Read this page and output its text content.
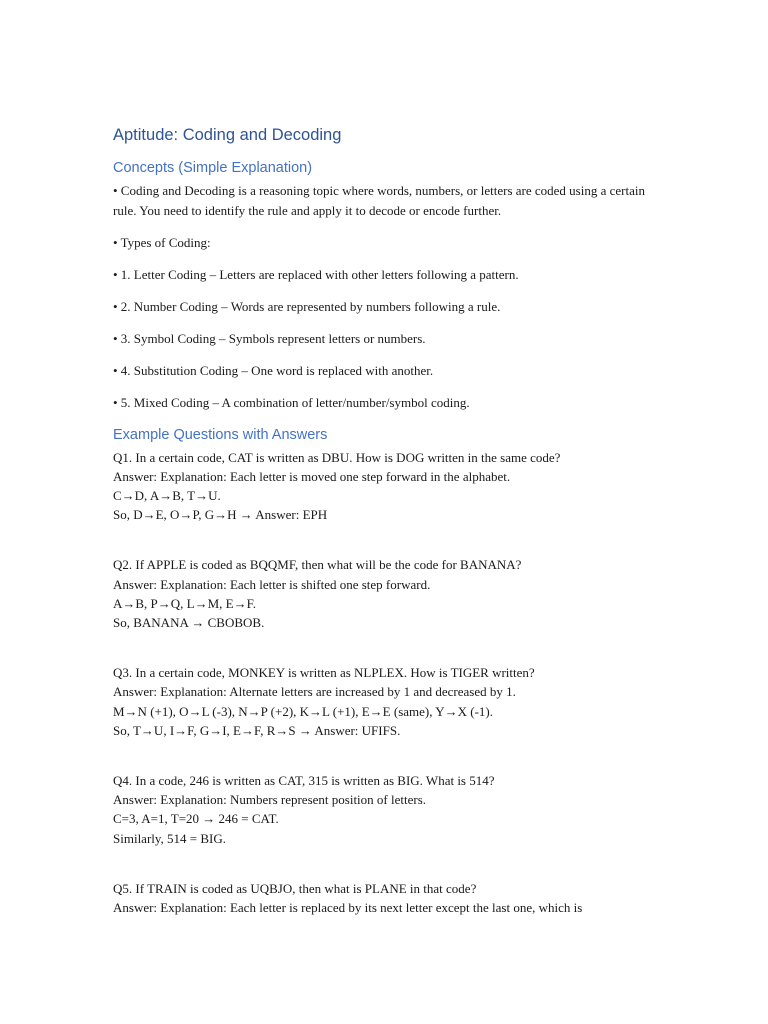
Aptitude: Coding and Decoding
Concepts (Simple Explanation)
• Coding and Decoding is a reasoning topic where words, numbers, or letters are coded using a certain rule. You need to identify the rule and apply it to decode or encode further.
• Types of Coding:
• 1. Letter Coding – Letters are replaced with other letters following a pattern.
• 2. Number Coding – Words are represented by numbers following a rule.
• 3. Symbol Coding – Symbols represent letters or numbers.
• 4. Substitution Coding – One word is replaced with another.
• 5. Mixed Coding – A combination of letter/number/symbol coding.
Example Questions with Answers
Q1. In a certain code, CAT is written as DBU. How is DOG written in the same code?
Answer: Explanation: Each letter is moved one step forward in the alphabet.
C→D, A→B, T→U.
So, D→E, O→P, G→H → Answer: EPH
Q2. If APPLE is coded as BQQMF, then what will be the code for BANANA?
Answer: Explanation: Each letter is shifted one step forward.
A→B, P→Q, L→M, E→F.
So, BANANA → CBOBOB.
Q3. In a certain code, MONKEY is written as NLPLEX. How is TIGER written?
Answer: Explanation: Alternate letters are increased by 1 and decreased by 1.
M→N (+1), O→L (-3), N→P (+2), K→L (+1), E→E (same), Y→X (-1).
So, T→U, I→F, G→I, E→F, R→S → Answer: UFIFS.
Q4. In a code, 246 is written as CAT, 315 is written as BIG. What is 514?
Answer: Explanation: Numbers represent position of letters.
C=3, A=1, T=20 → 246 = CAT.
Similarly, 514 = BIG.
Q5. If TRAIN is coded as UQBJO, then what is PLANE in that code?
Answer: Explanation: Each letter is replaced by its next letter except the last one, which is
